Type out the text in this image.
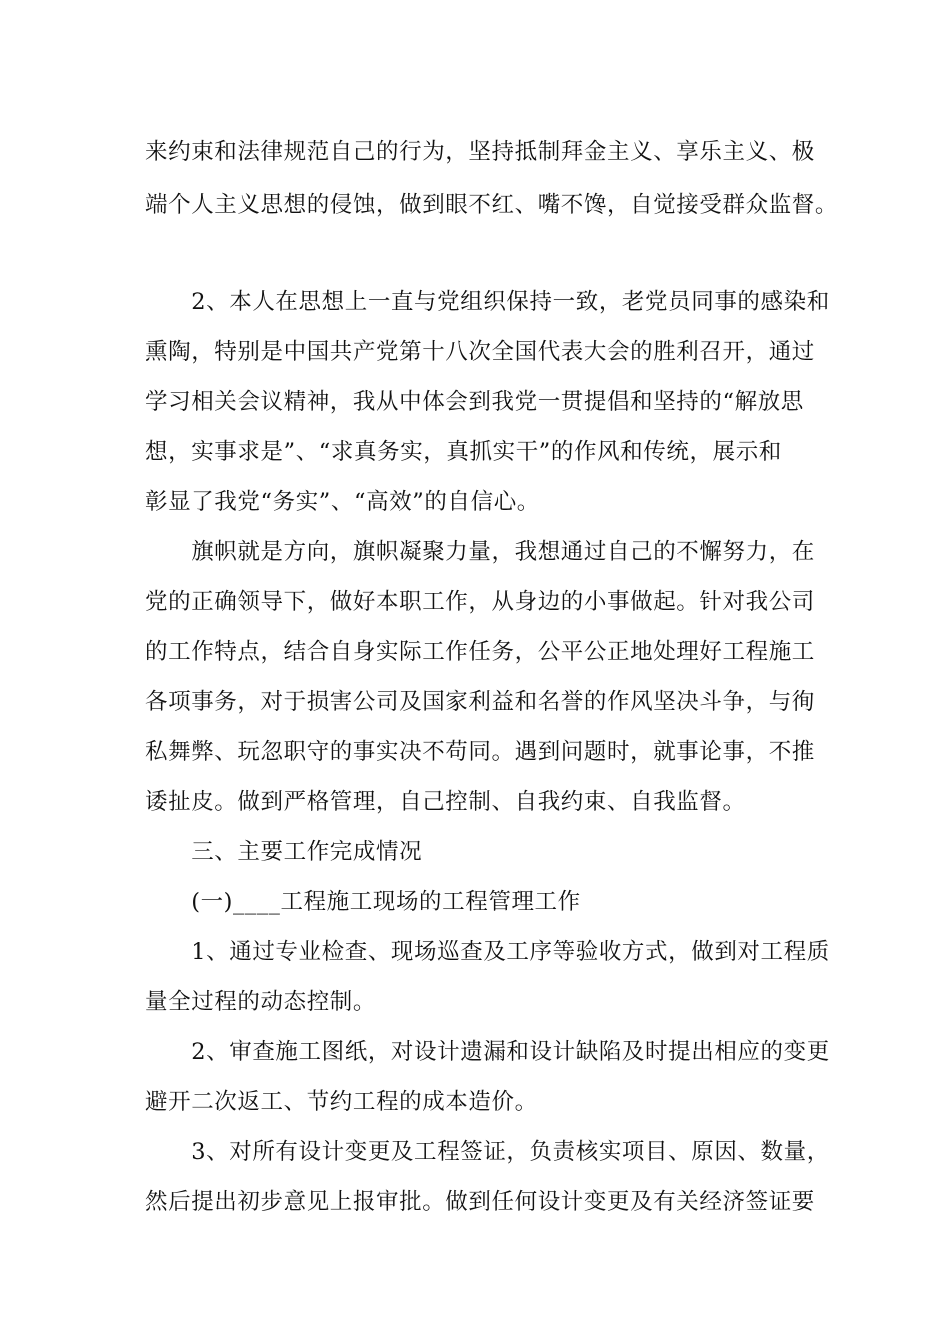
来约束和法律规范自己的行为，坚持抵制拜金主义、享乐主义、极
端个人主义思想的侵蚀，做到眼不红、嘴不馋，自觉接受群众监督。
　　2、本人在思想上一直与党组织保持一致，老党员同事的感染和
熏陶，特别是中国共产党第十八次全国代表大会的胜利召开，通过
学习相关会议精神，我从中体会到我党一贯提倡和坚持的“解放思
想，实事求是”、“求真务实，真抓实干”的作风和传统，展示和
彰显了我党“务实”、“高效”的自信心。
　　旗帜就是方向，旗帜凝聚力量，我想通过自己的不懈努力，在
党的正确领导下，做好本职工作，从身边的小事做起。针对我公司
的工作特点，结合自身实际工作任务，公平公正地处理好工程施工
各项事务，对于损害公司及国家利益和名誉的作风坚决斗争，与徇
私舞弊、玩忽职守的事实决不苟同。遇到问题时，就事论事，不推
诿扯皮。做到严格管理，自己控制、自我约束、自我监督。
　　三、主要工作完成情况
　　(一)____工程施工现场的工程管理工作
　　1、通过专业检查、现场巡查及工序等验收方式，做到对工程质
量全过程的动态控制。
　　2、审查施工图纸，对设计遗漏和设计缺陷及时提出相应的变更
避开二次返工、节约工程的成本造价。
　　3、对所有设计变更及工程签证，负责核实项目、原因、数量，
然后提出初步意见上报审批。做到任何设计变更及有关经济签证要
